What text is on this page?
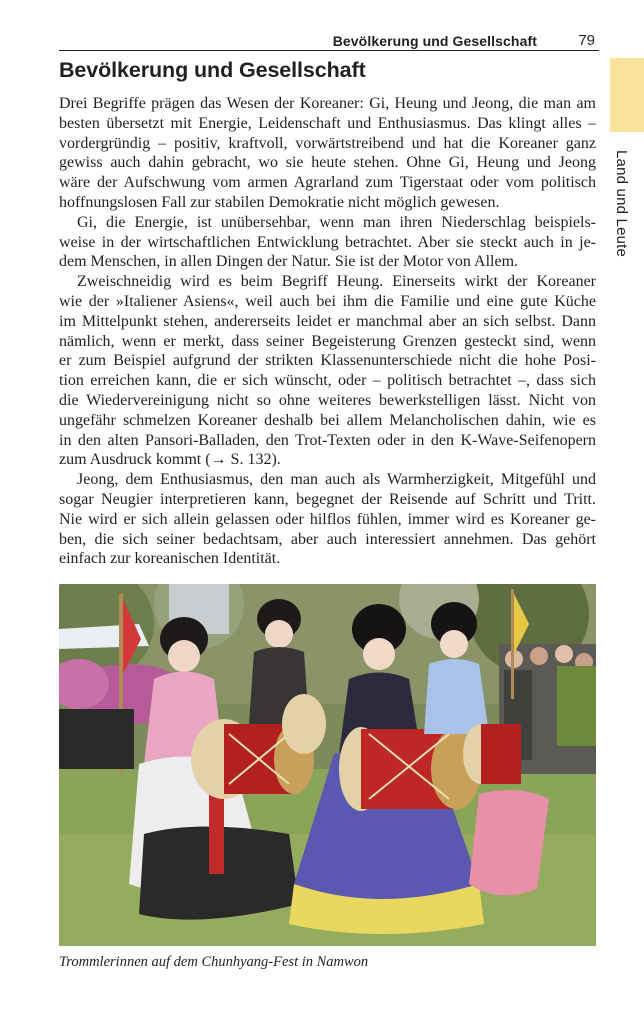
Bevölkerung und Gesellschaft	79
Land und Leute
Bevölkerung und Gesellschaft
Drei Begriffe prägen das Wesen der Koreaner: Gi, Heung und Jeong, die man am
besten übersetzt mit Energie, Leidenschaft und Enthusiasmus. Das klingt alles –
vordergründig – positiv, kraftvoll, vorwärtstreibend und hat die Koreaner ganz
gewiss auch dahin gebracht, wo sie heute stehen. Ohne Gi, Heung und Jeong
wäre der Aufschwung vom armen Agrarland zum Tigerstaat oder vom politisch
hoffnungslosen Fall zur stabilen Demokratie nicht möglich gewesen.
Gi, die Energie, ist unübersehbar, wenn man ihren Niederschlag beispiels-
weise in der wirtschaftlichen Entwicklung betrachtet. Aber sie steckt auch in je-
dem Menschen, in allen Dingen der Natur. Sie ist der Motor von Allem.
Zweischneidig wird es beim Begriff Heung. Einerseits wirkt der Koreaner
wie der »Italiener Asiens«, weil auch bei ihm die Familie und eine gute Küche
im Mittelpunkt stehen, andererseits leidet er manchmal aber an sich selbst. Dann
nämlich, wenn er merkt, dass seiner Begeisterung Grenzen gesteckt sind, wenn
er zum Beispiel aufgrund der strikten Klassenunterschiede nicht die hohe Posi-
tion erreichen kann, die er sich wünscht, oder – politisch betrachtet –, dass sich
die Wiedervereinigung nicht so ohne weiteres bewerkstelligen lässt. Nicht von
ungefähr schmelzen Koreaner deshalb bei allem Melancholischen dahin, wie es
in den alten Pansori-Balladen, den Trot-Texten oder in den K-Wave-Seifenopern
zum Ausdruck kommt (→ S. 132).
Jeong, dem Enthusiasmus, den man auch als Warmherzigkeit, Mitgefühl und
sogar Neugier interpretieren kann, begegnet der Reisende auf Schritt und Tritt.
Nie wird er sich allein gelassen oder hilflos fühlen, immer wird es Koreaner ge-
ben, die sich seiner bedachtsam, aber auch interessiert annehmen. Das gehört
einfach zur koreanischen Identität.
Trommlerinnen auf dem Chunhyang-Fest in Namwon
